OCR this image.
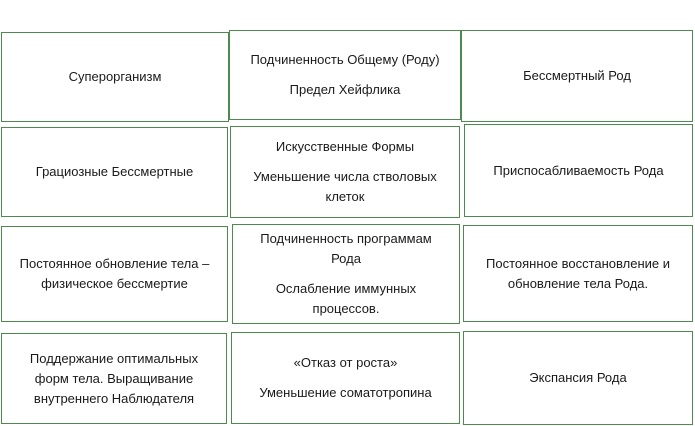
Суперорганизм

Подчиненность Общему (Роду)

Предел Хейфлика

Бессмертный Род

Грациозные Бессмертные

Искусственные Формы

Уменьшение числа стволовых клеток

Приспосабливаемость Рода

Постоянное обновление тела – физическое бессмертие

Подчиненность программам Рода

Ослабление иммунных процессов.

Постоянное восстановление и обновление тела Рода.

Поддержание оптимальных форм тела. Выращивание внутреннего Наблюдателя

«Отказ от роста»

Уменьшение соматотропина

Экспансия Рода
